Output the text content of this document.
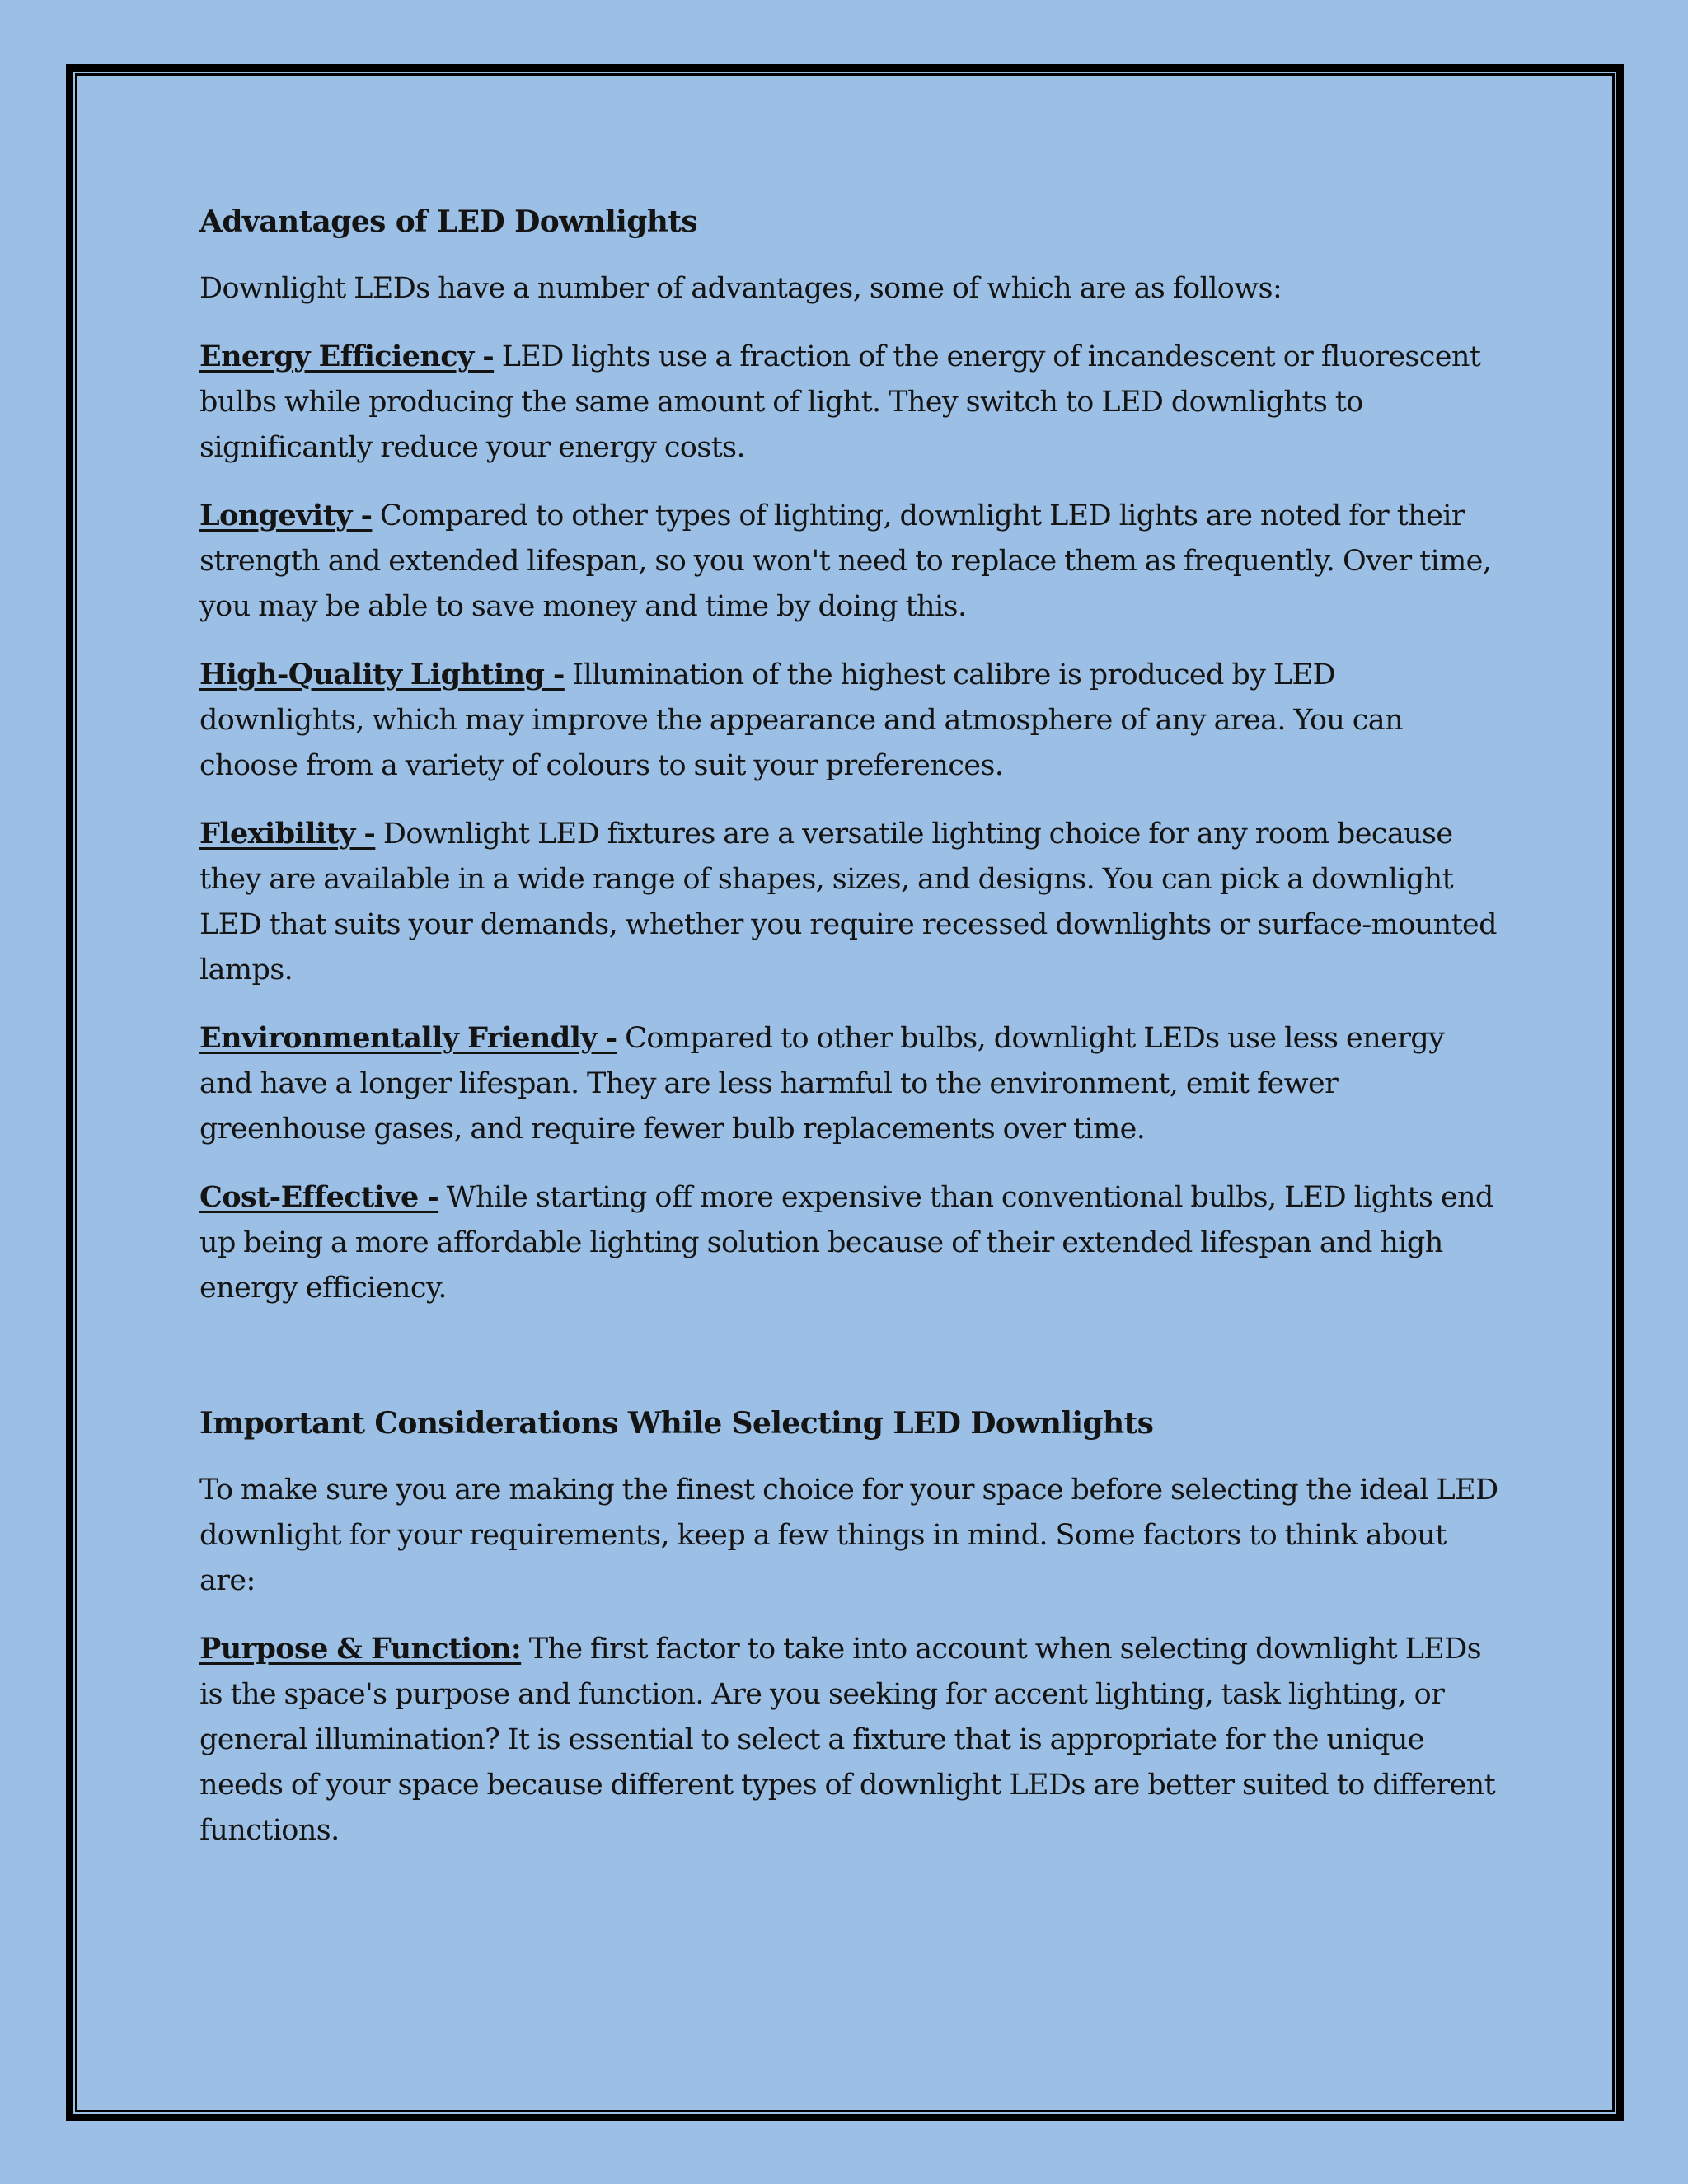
Advantages of LED Downlights

Downlight LEDs have a number of advantages, some of which are as follows:

Energy Efficiency - LED lights use a fraction of the energy of incandescent or fluorescent bulbs while producing the same amount of light. They switch to LED downlights to significantly reduce your energy costs.

Longevity - Compared to other types of lighting, downlight LED lights are noted for their strength and extended lifespan, so you won't need to replace them as frequently. Over time, you may be able to save money and time by doing this.

High-Quality Lighting - Illumination of the highest calibre is produced by LED downlights, which may improve the appearance and atmosphere of any area. You can choose from a variety of colours to suit your preferences.

Flexibility - Downlight LED fixtures are a versatile lighting choice for any room because they are available in a wide range of shapes, sizes, and designs. You can pick a downlight LED that suits your demands, whether you require recessed downlights or surface-mounted lamps.

Environmentally Friendly - Compared to other bulbs, downlight LEDs use less energy and have a longer lifespan. They are less harmful to the environment, emit fewer greenhouse gases, and require fewer bulb replacements over time.

Cost-Effective - While starting off more expensive than conventional bulbs, LED lights end up being a more affordable lighting solution because of their extended lifespan and high energy efficiency.

Important Considerations While Selecting LED Downlights

To make sure you are making the finest choice for your space before selecting the ideal LED downlight for your requirements, keep a few things in mind. Some factors to think about are:

Purpose & Function: The first factor to take into account when selecting downlight LEDs is the space's purpose and function. Are you seeking for accent lighting, task lighting, or general illumination? It is essential to select a fixture that is appropriate for the unique needs of your space because different types of downlight LEDs are better suited to different functions.
